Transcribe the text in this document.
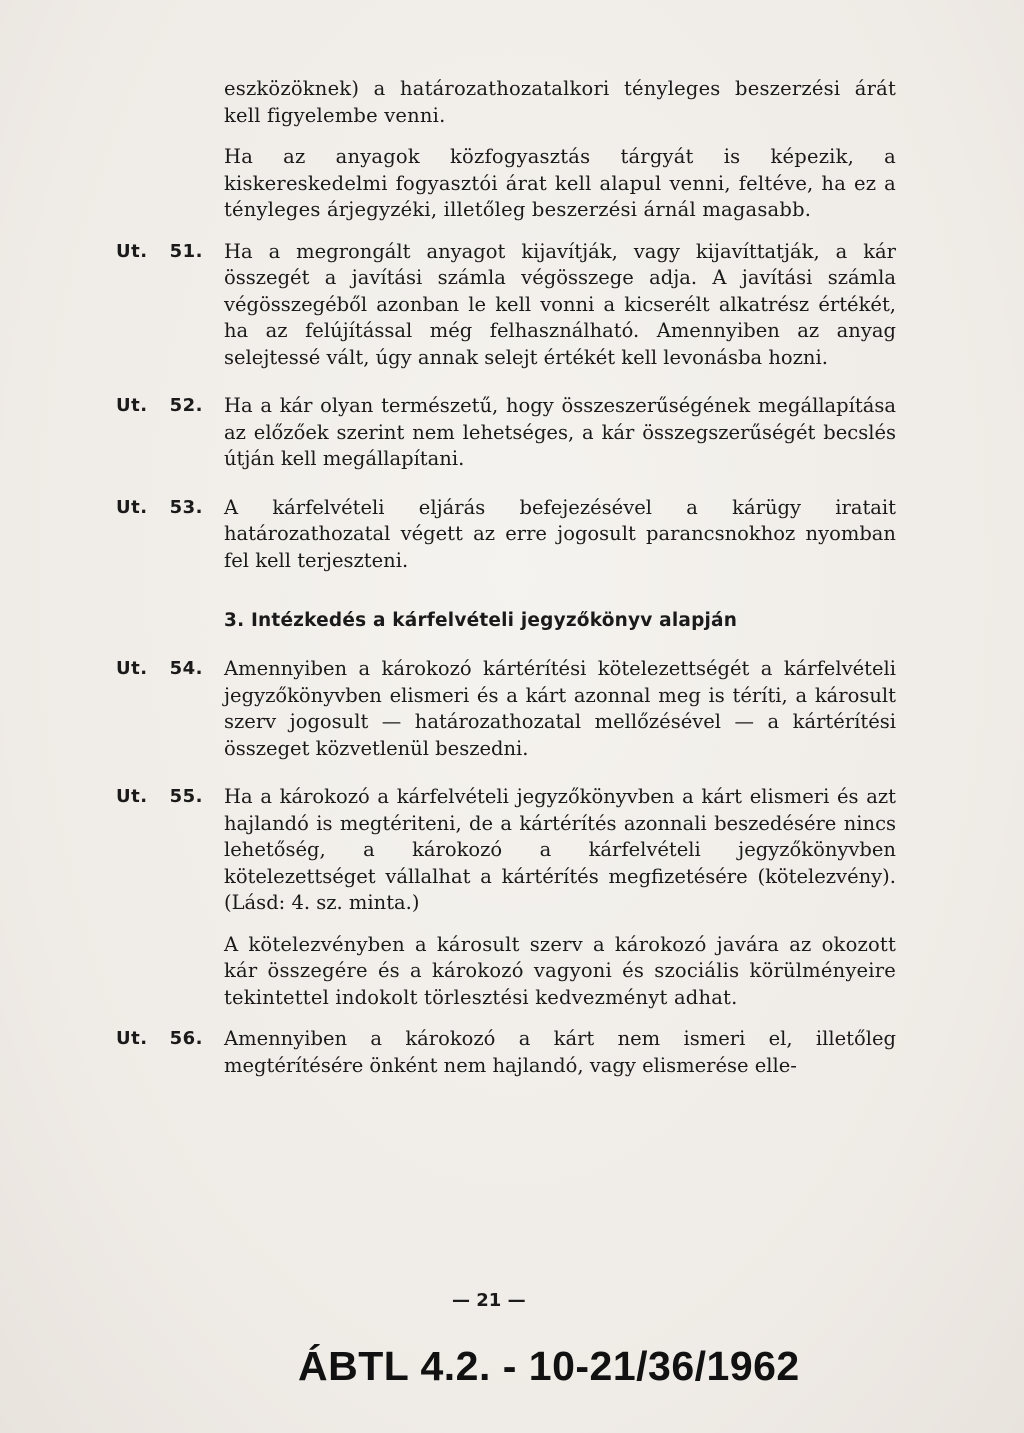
eszközöknek) a határozathozatalkori tényleges beszerzési árát kell figyelembe venni.

Ha az anyagok közfogyasztás tárgyát is képezik, a kiskereskedelmi fogyasztói árat kell alapul venni, feltéve, ha ez a tényleges árjegyzéki, illetőleg beszerzési árnál magasabb.

Ut. 51.	Ha a megrongált anyagot kijavítják, vagy kijavíttatják, a kár összegét a javítási számla végösszege adja. A javítási számla végösszegéből azonban le kell vonni a kicserélt alkatrész értékét, ha az felújítással még felhasználható. Amennyiben az anyag selejtessé vált, úgy annak selejt értékét kell levonásba hozni.
Ut. 52.	Ha a kár olyan természetű, hogy összeszerűségének megállapítása az előzőek szerint nem lehetséges, a kár összegszerűségét becslés útján kell megállapítani.
Ut. 53.	A kárfelvételi eljárás befejezésével a kárügy iratait határozathozatal végett az erre jogosult parancsnokhoz nyomban fel kell terjeszteni.
3. Intézkedés a kárfelvételi jegyzőkönyv alapján
Ut. 54.	Amennyiben a károkozó kártérítési kötelezettségét a kárfelvételi jegyzőkönyvben elismeri és a kárt azonnal meg is téríti, a károsult szerv jogosult — határozathozatal mellőzésével — a kártérítési összeget közvetlenül beszedni.
Ut. 55.	Ha a károkozó a kárfelvételi jegyzőkönyvben a kárt elismeri és azt hajlandó is megtériteni, de a kártérítés azonnali beszedésére nincs lehetőség, a károkozó a kárfelvételi jegyzőkönyvben kötelezettséget vállalhat a kártérítés megfizetésére (kötelezvény). (Lásd: 4. sz. minta.)

A kötelezvényben a károsult szerv a károkozó javára az okozott kár összegére és a károkozó vagyoni és szociális körülményeire tekintettel indokolt törlesztési kedvezményt adhat.

Ut. 56.	Amennyiben a károkozó a kárt nem ismeri el, illetőleg megtérítésére önként nem hajlandó, vagy elismerése elle-
— 21 —
ÁBTL 4.2. - 10-21/36/1962
